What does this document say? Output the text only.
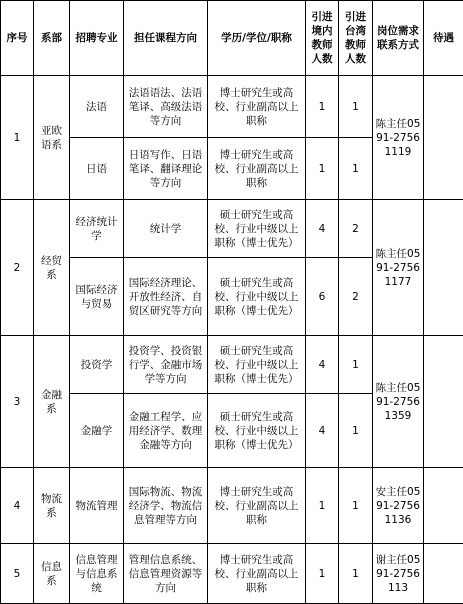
序号	系部	招聘专业	担任课程方向	学历/学位/职称	引进境内教师人数	引进台湾教师人数	岗位需求联系方式	待遇
1	亚欧语系	法语	法语语法、法语笔译、高级法语等方向	博士研究生或高校、行业副高以上职称	1	1	陈主任0591-27561119	
		日语	日语写作、日语笔译、翻译理论等方向	博士研究生或高校、行业副高以上职称	1	1		
2	经贸系	经济统计学	统计学	硕士研究生或高校、行业中级以上职称（博士优先）	4	2	陈主任0591-27561177	
		国际经济与贸易	国际经济理论、开放性经济、自贸区研究等方向	硕士研究生或高校、行业中级以上职称（博士优先）	6	2		
3	金融系	投资学	投资学、投资银行学、金融市场学等方向	硕士研究生或高校、行业中级以上职称（博士优先）	4	1	陈主任0591-27561359	
		金融学	金融工程学、应用经济学、数理金融等方向	硕士研究生或高校、行业中级以上职称（博士优先）	4	1		
4	物流系	物流管理	国际物流、物流经济学、物流信息管理等方向	博士研究生或高校、行业副高以上职称	1	1	安主任0591-27561136	
5	信息系	信息管理与信息系统	管理信息系统、信息管理资源等方向	博士研究生或高校、行业副高以上职称	1	1	谢主任0591-2756113	
